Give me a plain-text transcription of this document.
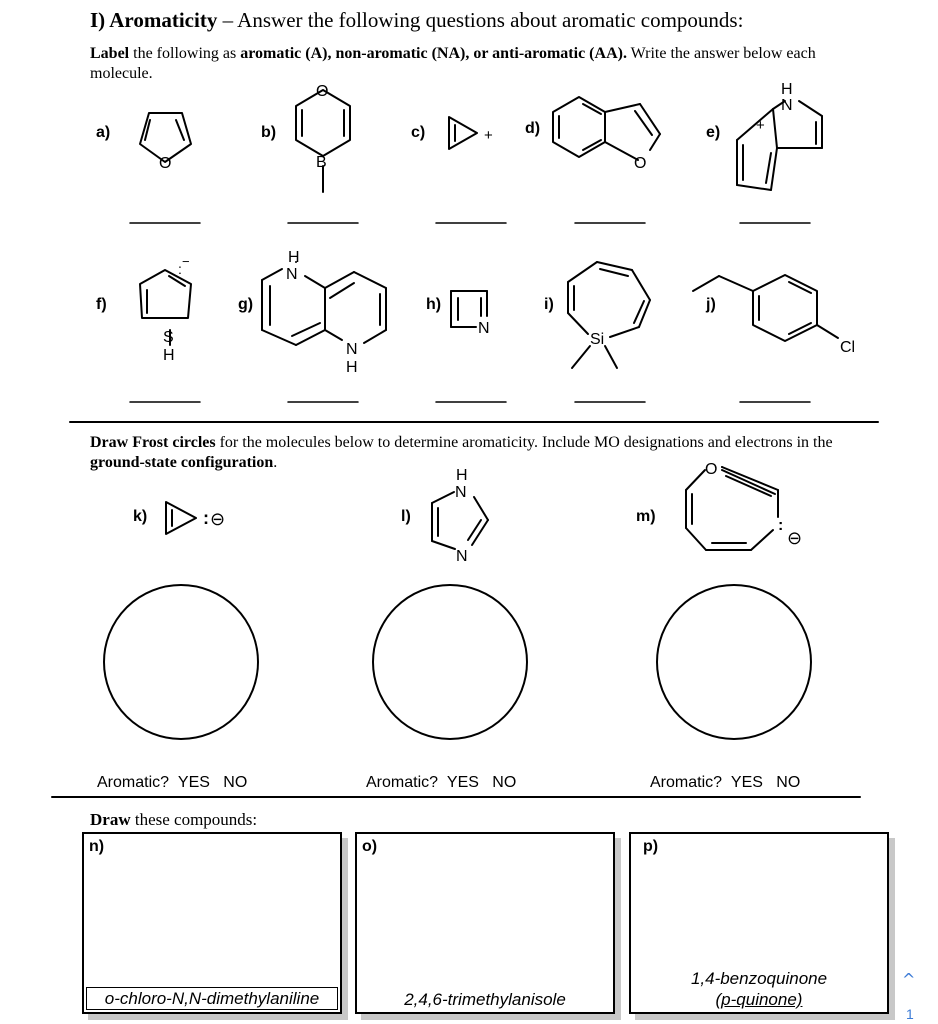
I) Aromaticity – Answer the following questions about aromatic compounds:
Label the following as aromatic (A), non-aromatic (NA), or anti-aromatic (AA). Write the answer below each molecule.
O
O
B
+
O
H
N
+
S
H
: −	H
N
N
H
N
Si	Cl
: ⊖
H
N
N
O
:
⊖
a)	b)	c)	d)	e)
f)	g)	h)	i)	j)
Draw Frost circles for the molecules below to determine aromaticity. Include MO designations and electrons in the ground-state configuration.
k)	l)	m)
Aromatic? YES NO	Aromatic? YES NO	Aromatic? YES NO
Draw these compounds:
n)
o-chloro-N,N-dimethylaniline
o)
2,4,6-trimethylanisole
p)
1,4-benzoquinone
(p-quinone)
^
1
